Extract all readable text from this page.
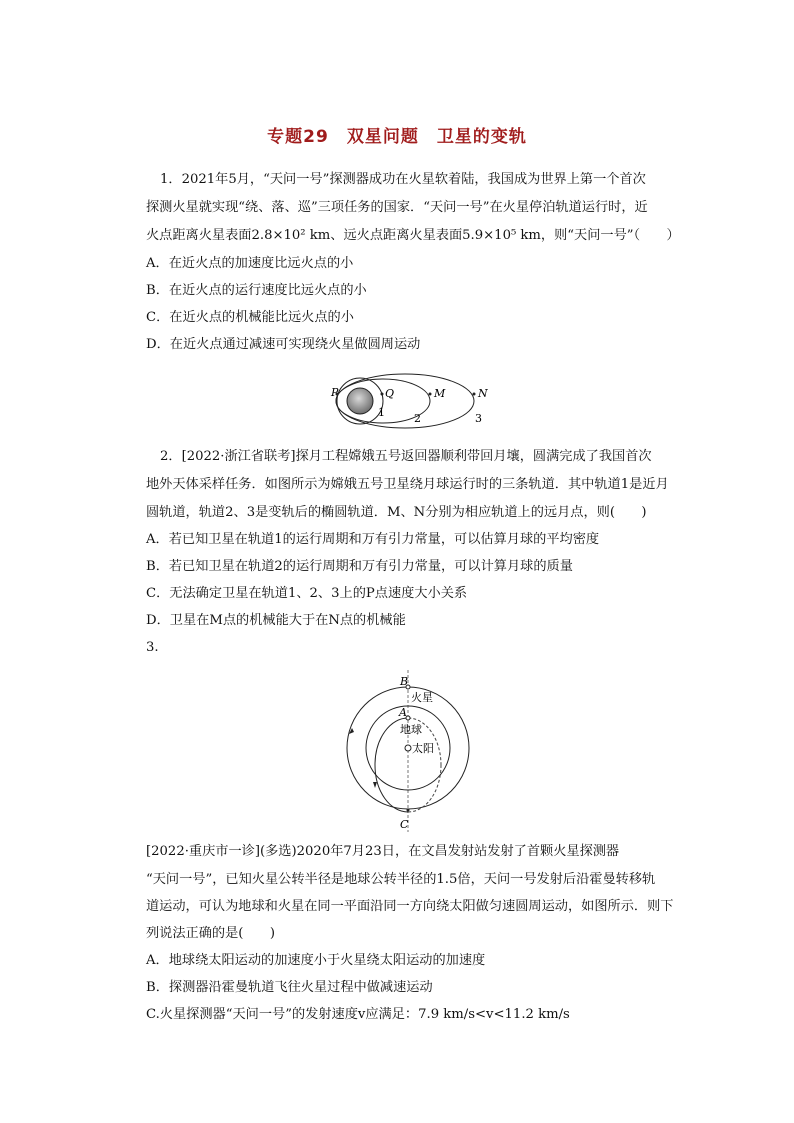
专题29 双星问题 卫星的变轨
1．2021年5月，“天问一号”探测器成功在火星软着陆，我国成为世界上第一个首次
探测火星就实现“绕、落、巡”三项任务的国家．“天问一号”在火星停泊轨道运行时，近
火点距离火星表面2.8×10² km、远火点距离火星表面5.9×10⁵ km，则“天问一号”（　　）
A．在近火点的加速度比远火点的小
B．在近火点的运行速度比远火点的小
C．在近火点的机械能比远火点的小
D．在近火点通过减速可实现绕火星做圆周运动
P	Q	M	N
1	2	3
2．[2022·浙江省联考]探月工程嫦娥五号返回器顺利带回月壤，圆满完成了我国首次
地外天体采样任务．如图所示为嫦娥五号卫星绕月球运行时的三条轨道．其中轨道1是近月
圆轨道，轨道2、3是变轨后的椭圆轨道．M、N分别为相应轨道上的远月点，则(　　)
A．若已知卫星在轨道1的运行周期和万有引力常量，可以估算月球的平均密度
B．若已知卫星在轨道2的运行周期和万有引力常量，可以计算月球的质量
C．无法确定卫星在轨道1、2、3上的P点速度大小关系
D．卫星在M点的机械能大于在N点的机械能
3.
B
火星
A
地球
太阳
C
[2022·重庆市一诊](多选)2020年7月23日，在文昌发射站发射了首颗火星探测器
“天问一号”，已知火星公转半径是地球公转半径的1.5倍，天问一号发射后沿霍曼转移轨
道运动，可认为地球和火星在同一平面沿同一方向绕太阳做匀速圆周运动，如图所示．则下
列说法正确的是(　　)
A．地球绕太阳运动的加速度小于火星绕太阳运动的加速度
B．探测器沿霍曼轨道飞往火星过程中做减速运动
C.火星探测器“天问一号”的发射速度v应满足：7.9 km/s<v<11.2 km/s
